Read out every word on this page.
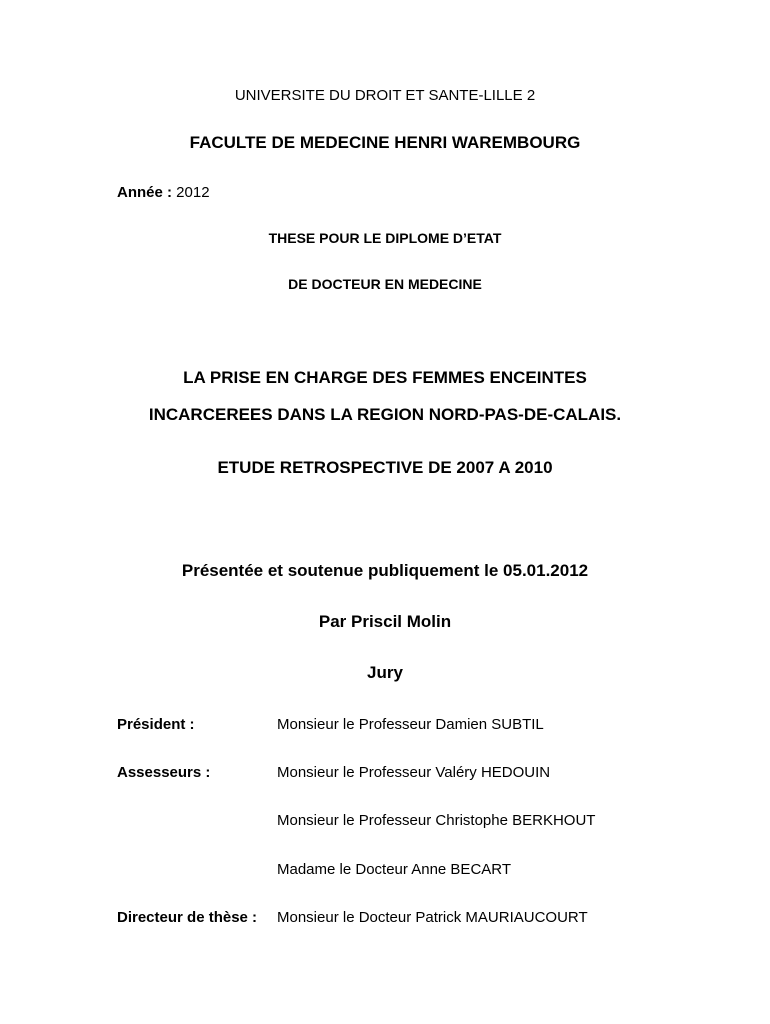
UNIVERSITE DU DROIT ET SANTE-LILLE 2
FACULTE DE MEDECINE HENRI WAREMBOURG
Année : 2012
THESE POUR LE DIPLOME D’ETAT
DE DOCTEUR EN MEDECINE
LA PRISE EN CHARGE DES FEMMES ENCEINTES
INCARCEREES DANS LA REGION NORD-PAS-DE-CALAIS.
ETUDE RETROSPECTIVE DE 2007 A 2010
Présentée et soutenue publiquement le 05.01.2012
Par Priscil Molin
Jury
Président :	Monsieur le Professeur Damien SUBTIL
Assesseurs :	Monsieur le Professeur Valéry HEDOUIN
Monsieur le Professeur Christophe BERKHOUT
Madame le Docteur Anne BECART
Directeur de thèse : Monsieur le Docteur Patrick MAURIAUCOURT
